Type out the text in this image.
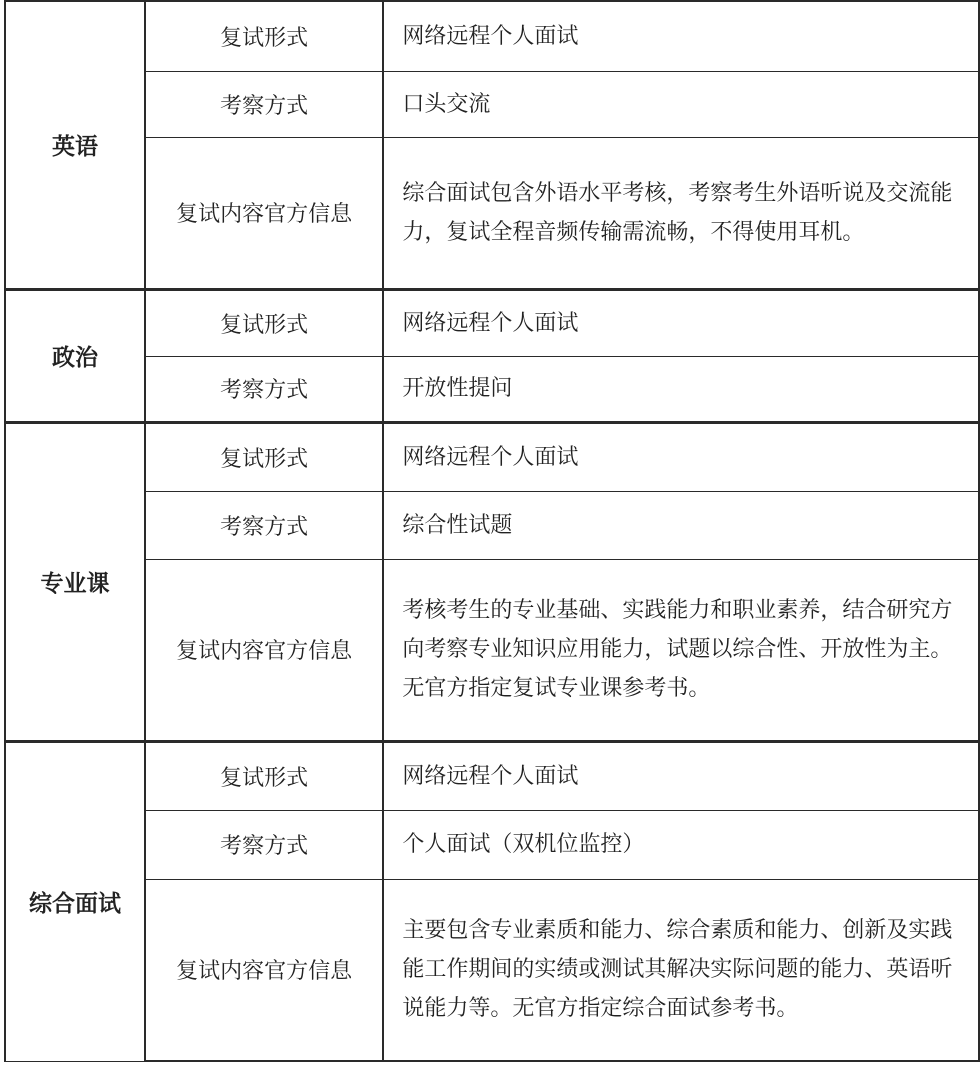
英语	复试形式	网络远程个人面试
	考察方式	口头交流
	复试内容官方信息	综合面试包含外语水平考核，考察考生外语听说及交流能力，复试全程音频传输需流畅，不得使用耳机。
政治	复试形式	网络远程个人面试
	考察方式	开放性提问
专业课	复试形式	网络远程个人面试
	考察方式	综合性试题
	复试内容官方信息	考核考生的专业基础、实践能力和职业素养，结合研究方向考察专业知识应用能力，试题以综合性、开放性为主。无官方指定复试专业课参考书。
综合面试	复试形式	网络远程个人面试
	考察方式	个人面试（双机位监控）
	复试内容官方信息	主要包含专业素质和能力、综合素质和能力、创新及实践能工作期间的实绩或测试其解决实际问题的能力、英语听说能力等。无官方指定综合面试参考书。
